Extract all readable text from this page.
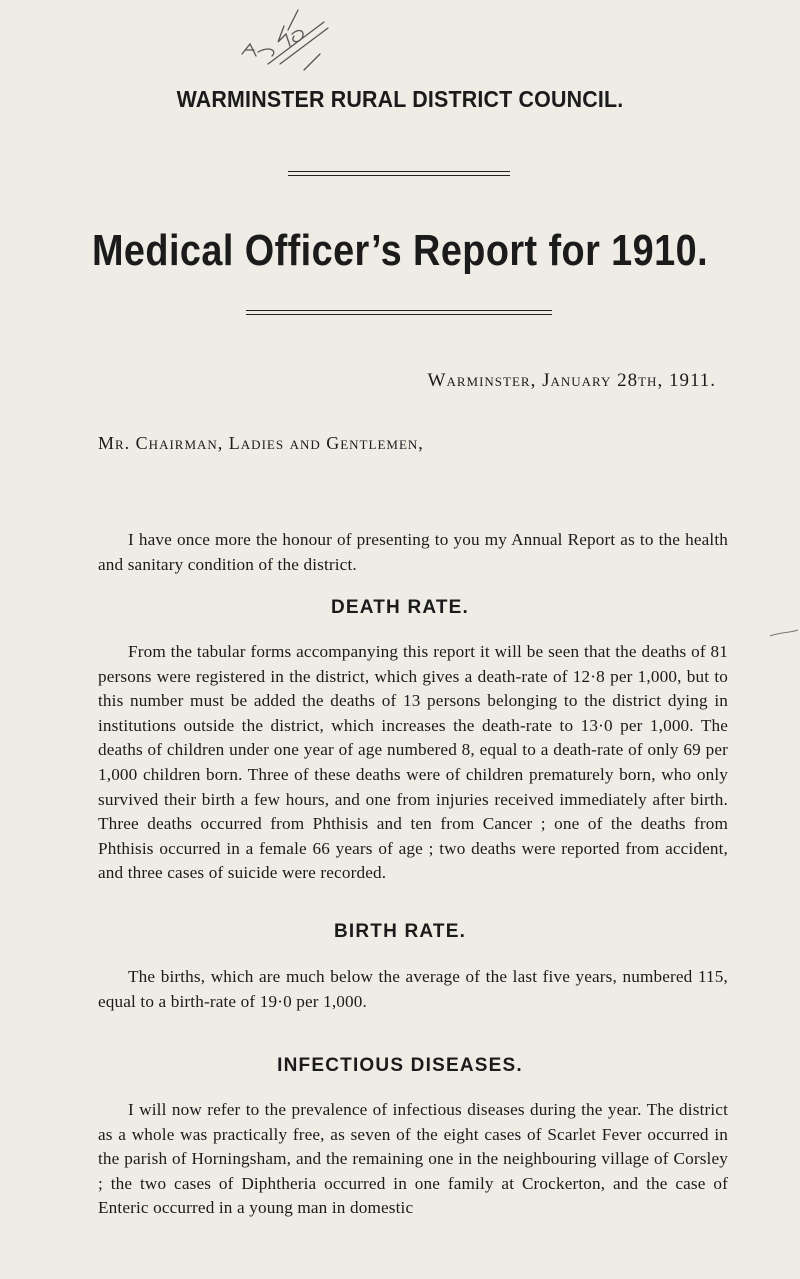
WARMINSTER RURAL DISTRICT COUNCIL.
Medical Officer’s Report for 1910.
Warminster, January 28th, 1911.
Mr. Chairman, Ladies and Gentlemen,
I have once more the honour of presenting to you my Annual Report as to the health and sanitary condition of the district.
DEATH RATE.
From the tabular forms accompanying this report it will be seen that the deaths of 81 persons were registered in the district, which gives a death-rate of 12·8 per 1,000, but to this number must be added the deaths of 13 persons belonging to the district dying in institutions outside the district, which increases the death-rate to 13·0 per 1,000. The deaths of children under one year of age numbered 8, equal to a death-rate of only 69 per 1,000 children born. Three of these deaths were of children prematurely born, who only survived their birth a few hours, and one from injuries received immediately after birth. Three deaths occurred from Phthisis and ten from Cancer ; one of the deaths from Phthisis occurred in a female 66 years of age ; two deaths were reported from accident, and three cases of suicide were recorded.
BIRTH RATE.
The births, which are much below the average of the last five years, numbered 115, equal to a birth-rate of 19·0 per 1,000.
INFECTIOUS DISEASES.
I will now refer to the prevalence of infectious diseases during the year. The district as a whole was practically free, as seven of the eight cases of Scarlet Fever occurred in the parish of Horningsham, and the remaining one in the neighbouring village of Corsley ; the two cases of Diphtheria occurred in one family at Crockerton, and the case of Enteric occurred in a young man in domestic
